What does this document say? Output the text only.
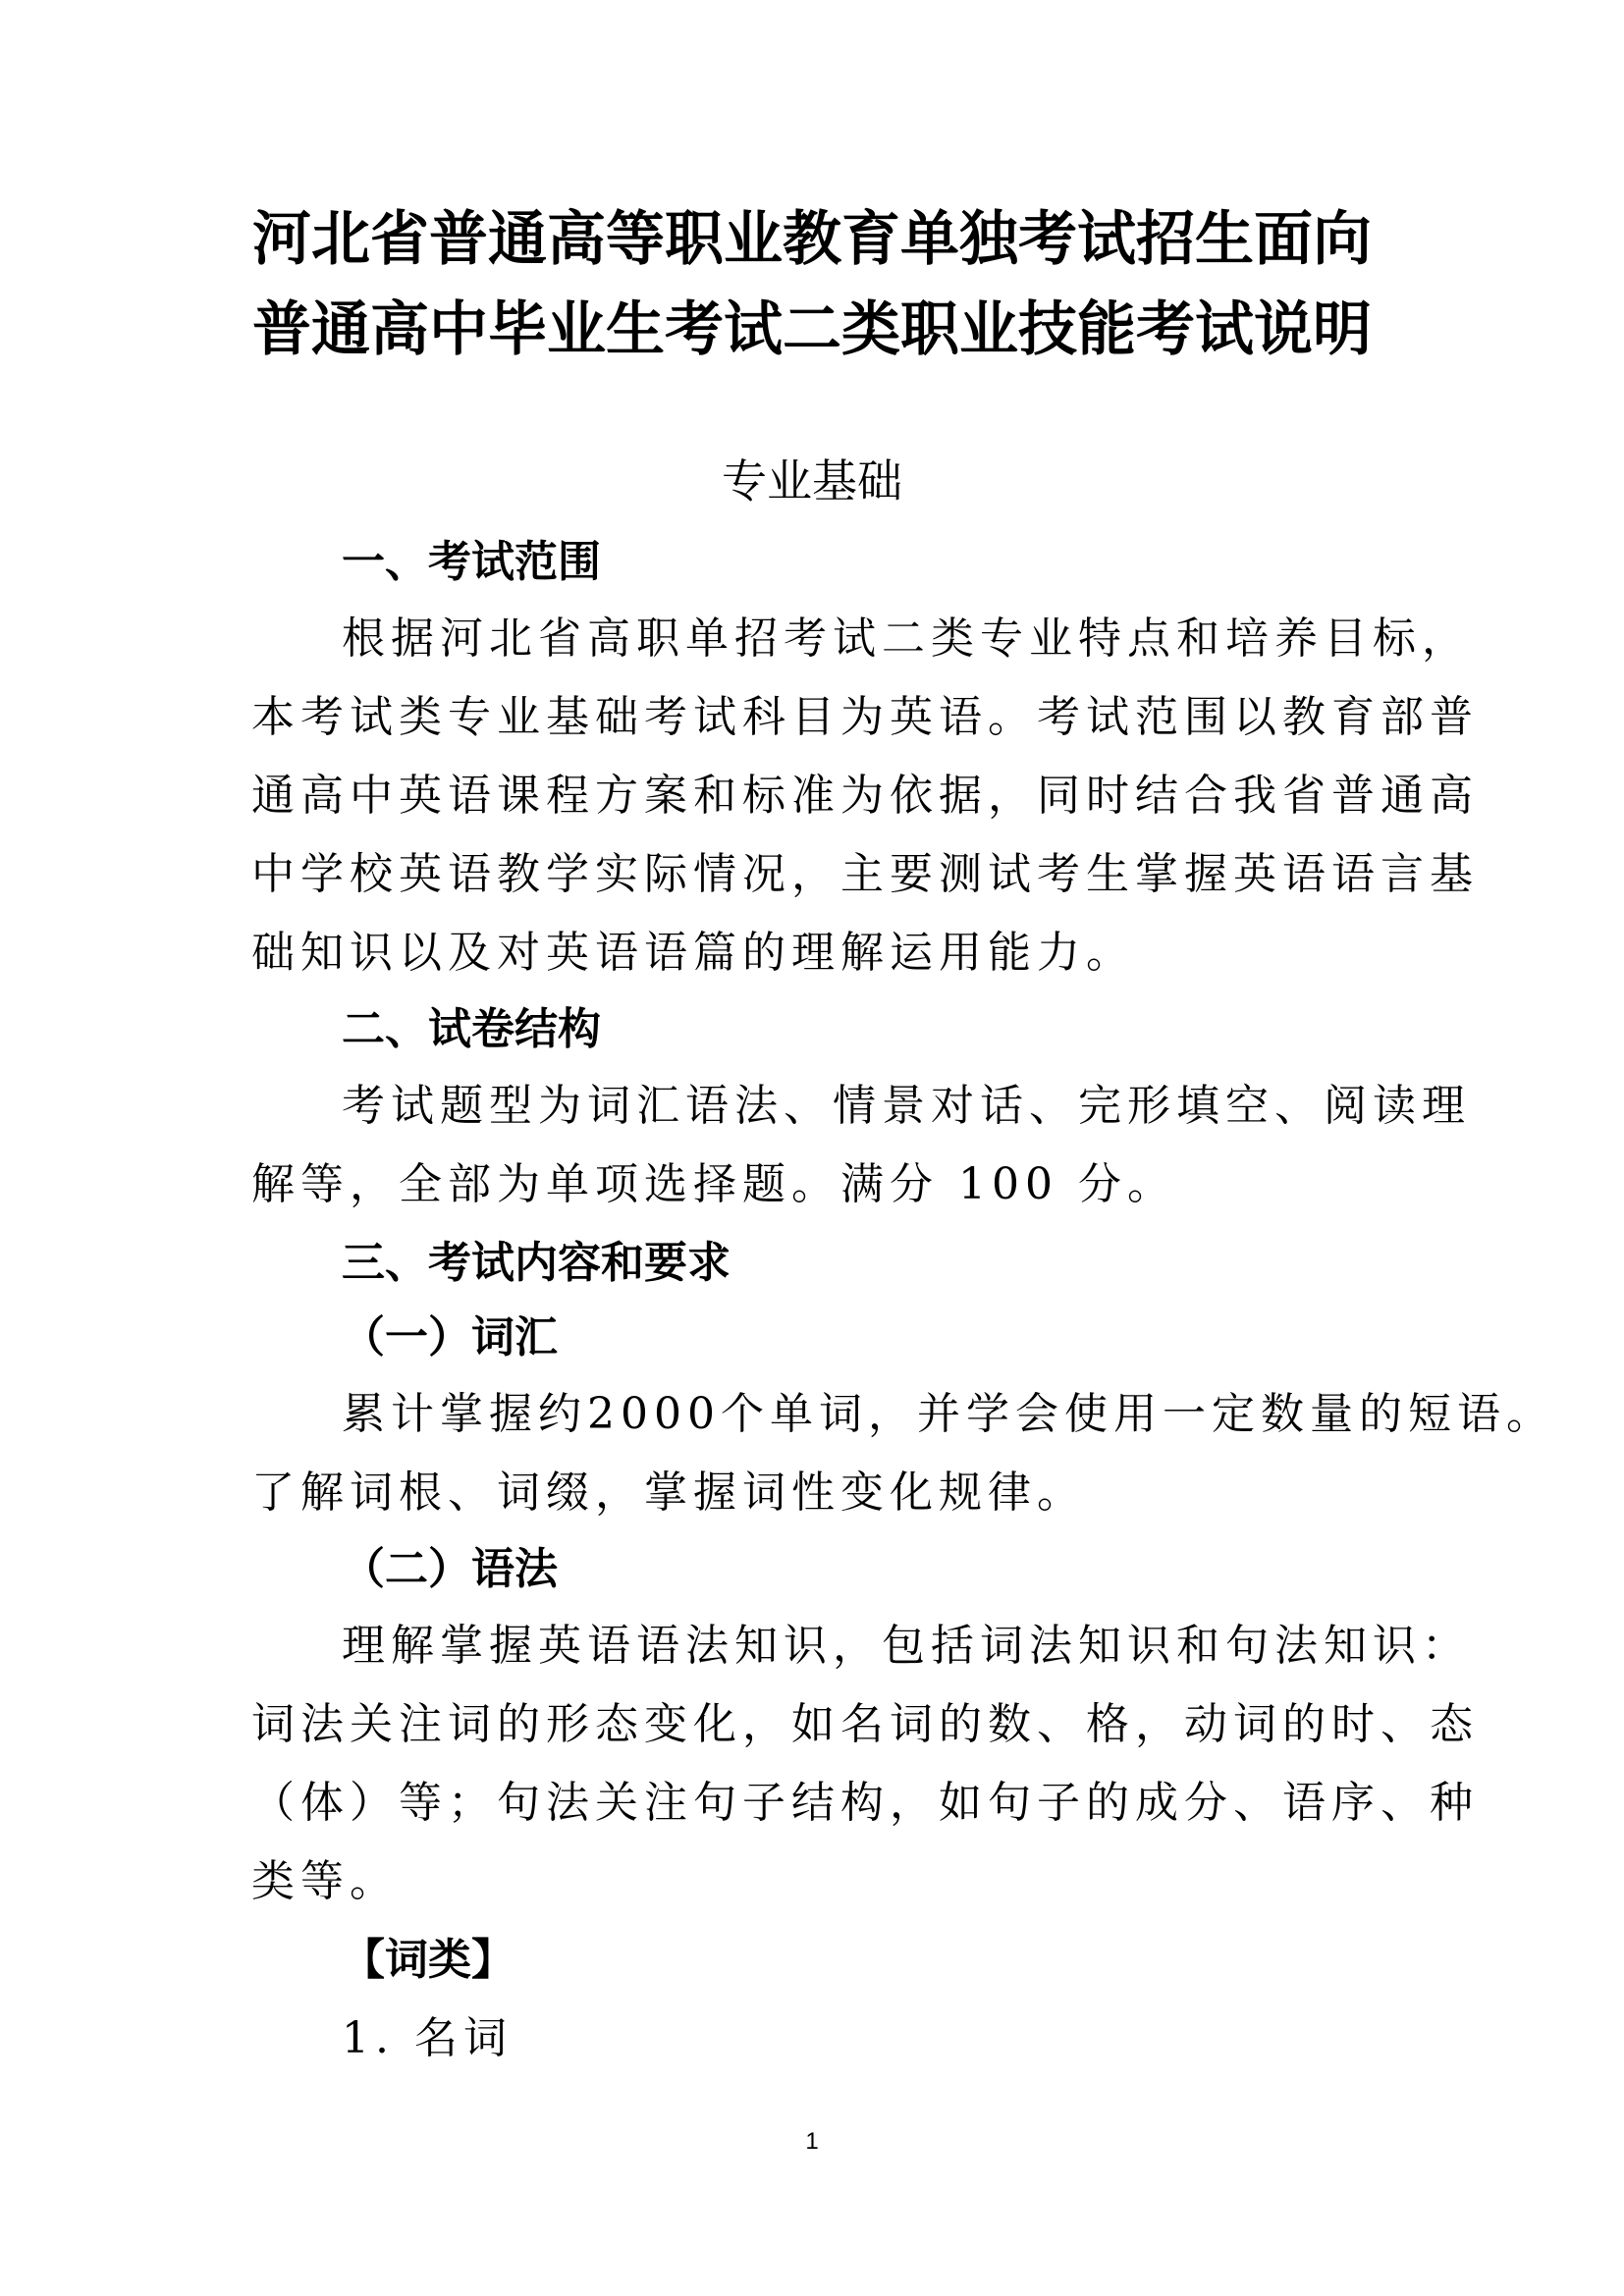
河北省普通高等职业教育单独考试招生面向
普通高中毕业生考试二类职业技能考试说明
专业基础
一、考试范围
根据河北省高职单招考试二类专业特点和培养目标，
本考试类专业基础考试科目为英语。考试范围以教育部普
通高中英语课程方案和标准为依据，同时结合我省普通高
中学校英语教学实际情况，主要测试考生掌握英语语言基
础知识以及对英语语篇的理解运用能力。
二、试卷结构
考试题型为词汇语法、情景对话、完形填空、阅读理
解等，全部为单项选择题。满分 100 分。
三、考试内容和要求
（一）词汇
累计掌握约2000个单词，并学会使用一定数量的短语。
了解词根、词缀，掌握词性变化规律。
（二）语法
理解掌握英语语法知识，包括词法知识和句法知识：
词法关注词的形态变化，如名词的数、格，动词的时、态
（体）等；句法关注句子结构，如句子的成分、语序、种
类等。
【词类】
1. 名词
1
